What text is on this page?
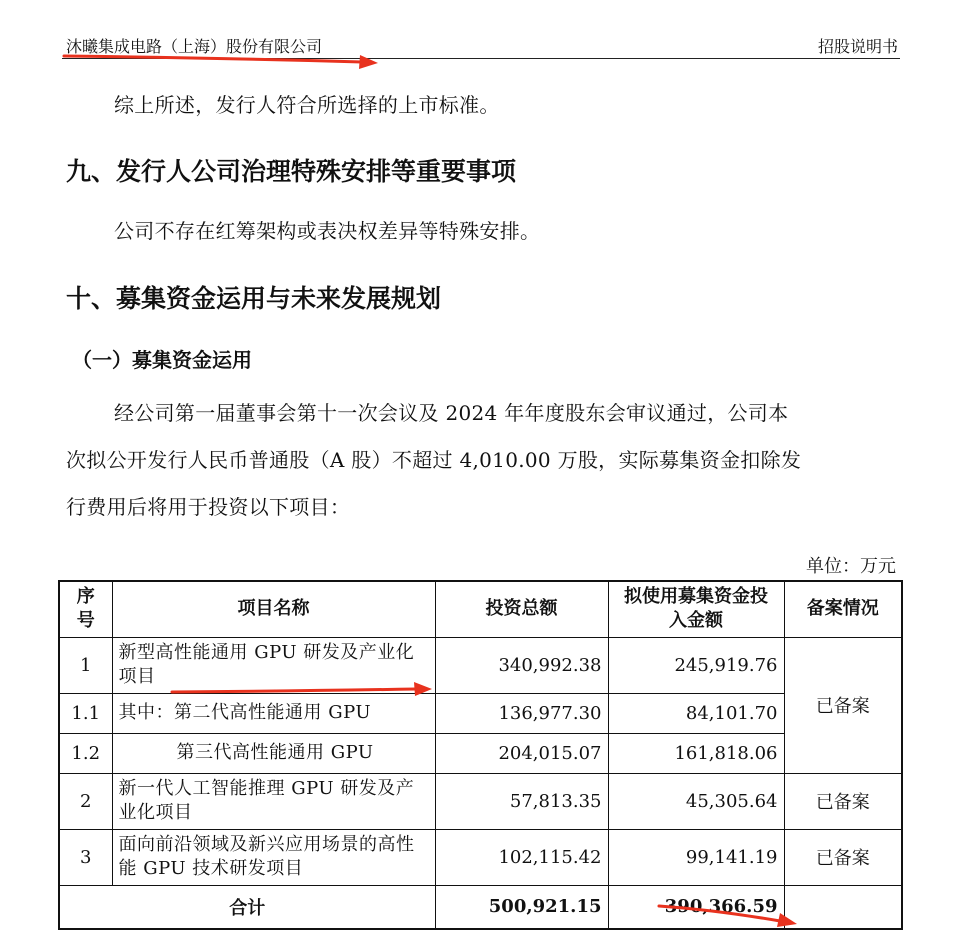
沐曦集成电路（上海）股份有限公司	招股说明书
综上所述，发行人符合所选择的上市标准。
九、发行人公司治理特殊安排等重要事项
公司不存在红筹架构或表决权差异等特殊安排。
十、募集资金运用与未来发展规划
（一）募集资金运用
经公司第一届董事会第十一次会议及 2024 年年度股东会审议通过，公司本
次拟公开发行人民币普通股（A 股）不超过 4,010.00 万股，实际募集资金扣除发
行费用后将用于投资以下项目：
单位：万元
序号	项目名称	投资总额	拟使用募集资金投入金额	备案情况
1	新型高性能通用 GPU 研发及产业化项目	340,992.38	245,919.76	已备案
1.1	其中：第二代高性能通用 GPU	136,977.30	84,101.70	
1.2	第三代高性能通用 GPU	204,015.07	161,818.06	
2	新一代人工智能推理 GPU 研发及产业化项目	57,813.35	45,305.64	已备案
3	面向前沿领域及新兴应用场景的高性能 GPU 技术研发项目	102,115.42	99,141.19	已备案
合计		500,921.15	390,366.59	
